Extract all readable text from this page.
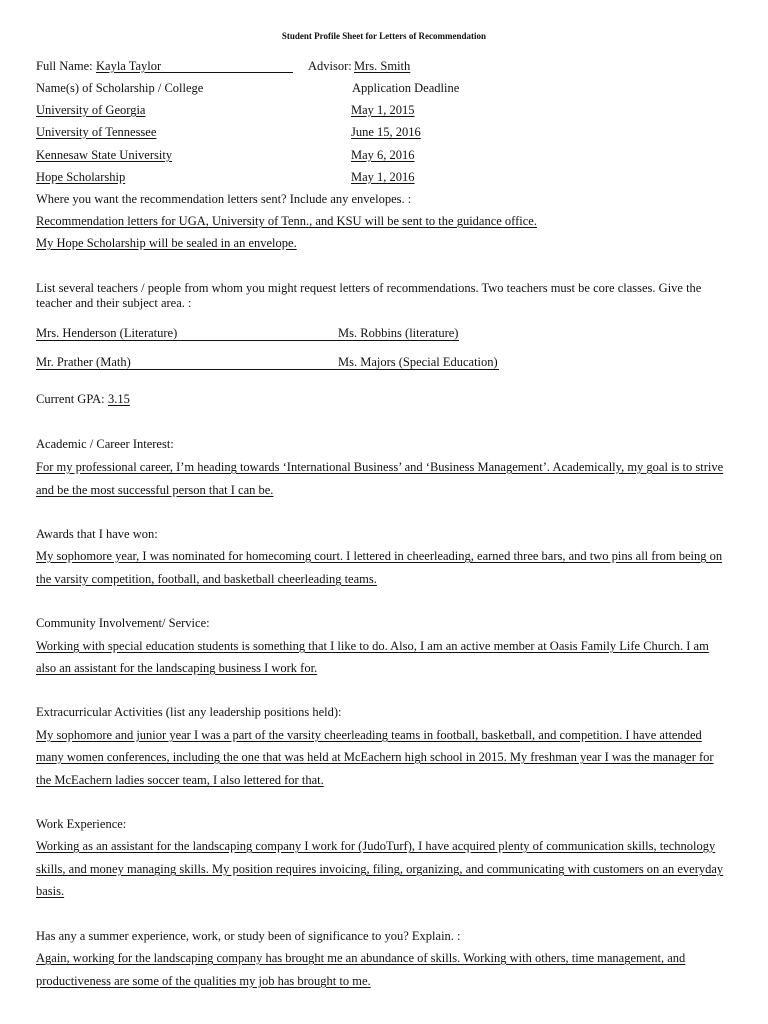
Student Profile Sheet for Letters of Recommendation
Full Name: Kayla Taylor	Advisor: Mrs. Smith
Name(s) of Scholarship / College	Application Deadline
University of Georgia	May 1, 2015
University of Tennessee	June 15, 2016
Kennesaw State University	May 6, 2016
Hope Scholarship	May 1, 2016
Where you want the recommendation letters sent? Include any envelopes. :
Recommendation letters for UGA, University of Tenn., and KSU will be sent to the guidance office.
My Hope Scholarship will be sealed in an envelope.
List several teachers / people from whom you might request letters of recommendations. Two teachers must be core classes. Give the
teacher and their subject area. :
Mrs. Henderson (Literature)	Ms. Robbins (literature)
Mr. Prather (Math)	Ms. Majors (Special Education)
Current GPA: 3.15
Academic / Career Interest:
For my professional career, I’m heading towards ‘International Business’ and ‘Business Management’. Academically, my goal is to strive
and be the most successful person that I can be.
Awards that I have won:
My sophomore year, I was nominated for homecoming court. I lettered in cheerleading, earned three bars, and two pins all from being on
the varsity competition, football, and basketball cheerleading teams.
Community Involvement/ Service:
Working with special education students is something that I like to do. Also, I am an active member at Oasis Family Life Church. I am
also an assistant for the landscaping business I work for.
Extracurricular Activities (list any leadership positions held):
My sophomore and junior year I was a part of the varsity cheerleading teams in football, basketball, and competition. I have attended
many women conferences, including the one that was held at McEachern high school in 2015. My freshman year I was the manager for
the McEachern ladies soccer team, I also lettered for that.
Work Experience:
Working as an assistant for the landscaping company I work for (JudoTurf), I have acquired plenty of communication skills, technology
skills, and money managing skills. My position requires invoicing, filing, organizing, and communicating with customers on an everyday
basis.
Has any a summer experience, work, or study been of significance to you? Explain. :
Again, working for the landscaping company has brought me an abundance of skills. Working with others, time management, and
productiveness are some of the qualities my job has brought to me.
